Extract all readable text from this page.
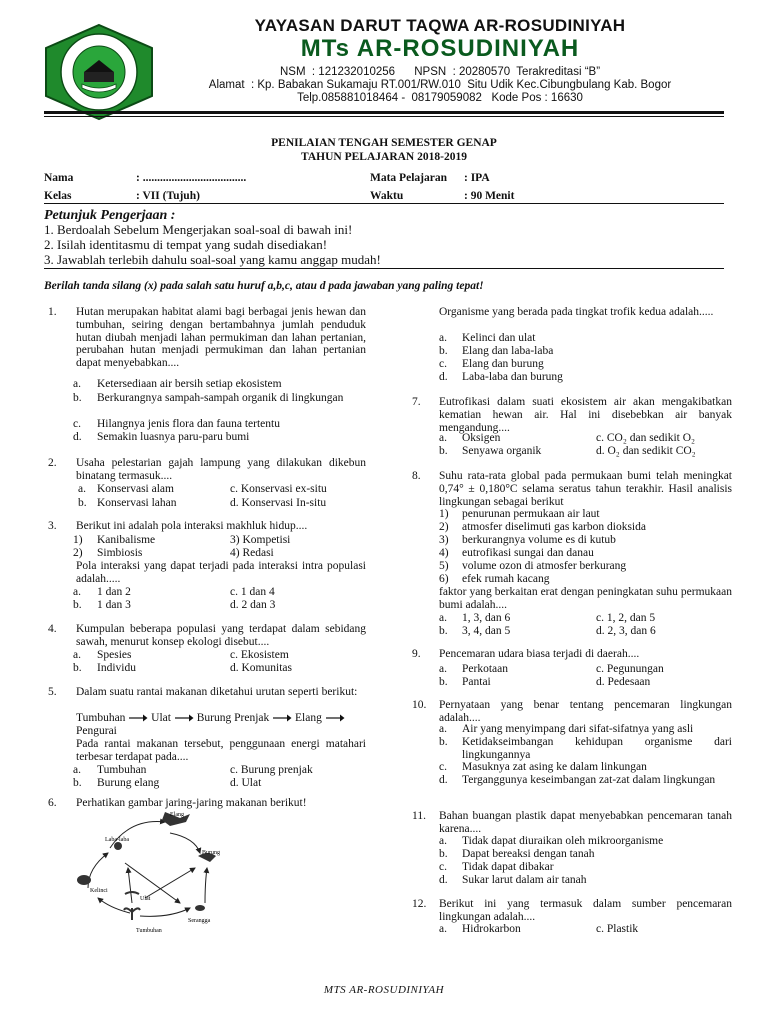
YAYASAN DARUT TAQWA AR-ROSUDINIYAH
MTs AR-ROSUDINIYAH
NSM  : 121232010256      NPSN  : 20280570  Terakreditasi “B”
Alamat  : Kp. Babakan Sukamaju RT.001/RW.010  Situ Udik Kec.Cibungbulang Kab. Bogor
Telp.085881018464 -  08179059082   Kode Pos : 16630
PENILAIAN TENGAH SEMESTER GENAP
TAHUN PELAJARAN 2018-2019
Nama	: ....................................
Kelas	: VII (Tujuh)
Mata Pelajaran : IPA
Waktu	: 90 Menit
Petunjuk Pengerjaan :
1. Berdoalah Sebelum Mengerjakan soal-soal di bawah ini!
2. Isilah identitasmu di tempat yang sudah disediakan!
3. Jawablah terlebih dahulu soal-soal yang kamu anggap mudah!
Berilah tanda silang (x) pada salah satu huruf a,b,c, atau d pada jawaban yang paling tepat!
1. Hutan merupakan habitat alami bagi berbagai jenis hewan dan tumbuhan, seiring dengan bertambahnya jumlah penduduk hutan diubah menjadi lahan permukiman dan lahan pertanian, perubahan hutan menjadi permukiman dan lahan pertanian dapat menyebabkan....
a. Ketersediaan air bersih setiap ekosistem
b. Berkurangnya sampah-sampah organik di lingkungan
c. Hilangnya jenis flora dan fauna tertentu
d. Semakin luasnya paru-paru bumi
2. Usaha pelestarian gajah lampung yang dilakukan dikebun binatang termasuk....
a. Konservasi alam	c. Konservasi ex-situ
b. Konservasi lahan	d. Konservasi In-situ
3. Berikut ini adalah pola interaksi makhluk hidup....
1) Kanibalisme	3) Kompetisi
2) Simbiosis	4) Redasi
Pola interaksi yang dapat terjadi pada interaksi intra populasi adalah.....
a. 1 dan 2	c. 1 dan 4
b. 1 dan 3	d. 2 dan 3
4. Kumpulan beberapa populasi yang terdapat dalam sebidang sawah, menurut konsep ekologi disebut....
a. Spesies	c. Ekosistem
b. Individu	d. Komunitas
5. Dalam suatu rantai makanan diketahui urutan seperti berikut:
Tumbuhan Ulat Burung Prenjak Elang
Pengurai
Pada rantai makanan tersebut, penggunaan energi matahari terbesar terdapat pada....
a. Tumbuhan	c. Burung prenjak
b. Burung elang	d. Ulat
6. Perhatikan gambar jaring-jaring makanan berikut!
Elang
Laba-laba
Burung
Kelinci
Ulat
Serangga
Tumbuhan
Organisme yang berada pada tingkat trofik kedua adalah.....
a. Kelinci dan ulat
b. Elang dan laba-laba
c. Elang dan burung
d. Laba-laba dan burung
7. Eutrofikasi dalam suati ekosistem air akan mengakibatkan kematian hewan air. Hal ini disebebkan air banyak mengandung....
a. Oksigen	c. CO₂ dan sedikit O₂
b. Senyawa organik	d. O₂ dan sedikit CO₂
8. Suhu rata-rata global pada permukaan bumi telah meningkat 0,74° ± 0,180°C selama seratus tahun terakhir. Hasil analisis lingkungan sebagai berikut
1) penurunan permukaan air laut
2) atmosfer diselimuti gas karbon dioksida
3) berkurangnya volume es di kutub
4) eutrofikasi sungai dan danau
5) volume ozon di atmosfer berkurang
6) efek rumah kacang
faktor yang berkaitan erat dengan peningkatan suhu permukaan bumi adalah....
a. 1, 3, dan 6	c. 1, 2, dan 5
b. 3, 4, dan 5	d. 2, 3, dan 6
9. Pencemaran udara biasa terjadi di daerah....
a. Perkotaan	c. Pegunungan
b. Pantai	d. Pedesaan
10. Pernyataan yang benar tentang pencemaran lingkungan adalah....
a. Air yang menyimpang dari sifat-sifatnya yang asli
b. Ketidakseimbangan kehidupan organisme dari lingkungannya
c. Masuknya zat asing ke dalam linkungan
d. Terganggunya keseimbangan zat-zat dalam lingkungan
11. Bahan buangan plastik dapat menyebabkan pencemaran tanah karena....
a. Tidak dapat diuraikan oleh mikroorganisme
b. Dapat bereaksi dengan tanah
c. Tidak dapat dibakar
d. Sukar larut dalam air tanah
12. Berikut ini yang termasuk dalam sumber pencemaran lingkungan adalah....
a. Hidrokarbon	c. Plastik
MTS AR-ROSUDINIYAH
